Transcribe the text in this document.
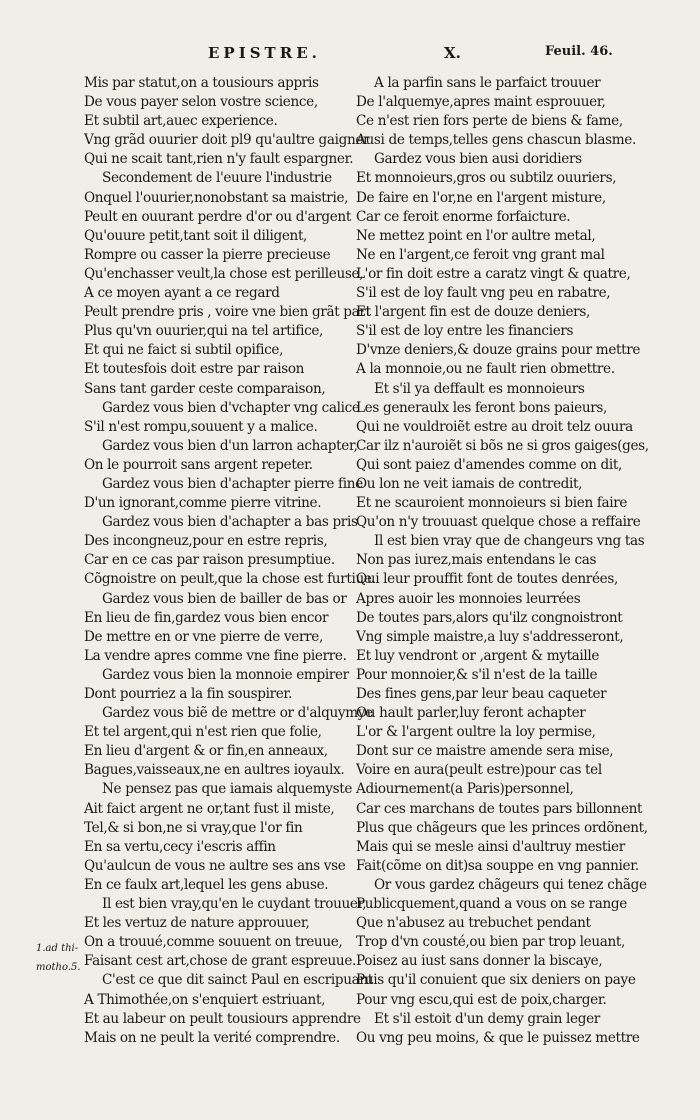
EPISTRE.	X.	Feuil. 46.
1.ad thi-
motho.5.
Mis par statut,on a tousiours appris
De vous payer selon vostre science,
Et subtil art,auec experience.
Vng grãd ouurier doit pl9 qu'aultre gaigner
Qui ne scait tant,rien n'y fault espargner.
Secondement de l'euure l'industrie
Onquel l'ouurier,nonobstant sa maistrie,
Peult en ouurant perdre d'or ou d'argent
Qu'ouure petit,tant soit il diligent,
Rompre ou casser la pierre precieuse
Qu'enchasser veult,la chose est perilleuse,
A ce moyen ayant a ce regard
Peult prendre pris , voire vne bien grãt part
Plus qu'vn ouurier,qui na tel artifice,
Et qui ne faict si subtil opifice,
Et toutesfois doit estre par raison
Sans tant garder ceste comparaison,
Gardez vous bien d'vchapter vng calice
S'il n'est rompu,souuent y a malice.
Gardez vous bien d'un larron achapter,
On le pourroit sans argent repeter.
Gardez vous bien d'achapter pierre fine
D'un ignorant,comme pierre vitrine.
Gardez vous bien d'achapter a bas pris
Des incongneuz,pour en estre repris,
Car en ce cas par raison presumptiue.
Cõgnoistre on peult,que la chose est furtiue.
Gardez vous bien de bailler de bas or
En lieu de fin,gardez vous bien encor
De mettre en or vne pierre de verre,
La vendre apres comme vne fine pierre.
Gardez vous bien la monnoie empirer
Dont pourriez a la fin souspirer.
Gardez vous biẽ de mettre or d'alquymye
Et tel argent,qui n'est rien que folie,
En lieu d'argent & or fin,en anneaux,
Bagues,vaisseaux,ne en aultres ioyaulx.
Ne pensez pas que iamais alquemyste
Ait faict argent ne or,tant fust il miste,
Tel,& si bon,ne si vray,que l'or fin
En sa vertu,cecy i'escris affin
Qu'aulcun de vous ne aultre ses ans vse
En ce faulx art,lequel les gens abuse.
Il est bien vray,qu'en le cuydant trouuer,
Et les vertuz de nature approuuer,
On a trouué,comme souuent on treuue,
Faisant cest art,chose de grant espreuue.
C'est ce que dit sainct Paul en escripuant
A Thimothée,on s'enquiert estriuant,
Et au labeur on peult tousiours apprendre
Mais on ne peult la verité comprendre.
A la parfin sans le parfaict trouuer
De l'alquemye,apres maint esprouuer,
Ce n'est rien fors perte de biens & fame,
Ausi de temps,telles gens chascun blasme.
Gardez vous bien ausi doridiers
Et monnoieurs,gros ou subtilz ouuriers,
De faire en l'or,ne en l'argent misture,
Car ce feroit enorme forfaicture.
Ne mettez point en l'or aultre metal,
Ne en l'argent,ce feroit vng grant mal
L'or fin doit estre a caratz vingt & quatre,
S'il est de loy fault vng peu en rabatre,
Et l'argent fin est de douze deniers,
S'il est de loy entre les financiers
D'vnze deniers,& douze grains pour mettre
A la monnoie,ou ne fault rien obmettre.
Et s'il ya deffault es monnoieurs
Les generaulx les feront bons paieurs,
Qui ne vouldroiẽt estre au droit telz ouura
Car ilz n'auroiẽt si bõs ne si gros gaiges(ges,
Qui sont paiez d'amendes comme on dit,
Ou lon ne veit iamais de contredit,
Et ne scauroient monnoieurs si bien faire
Qu'on n'y trouuast quelque chose a reffaire
Il est bien vray que de changeurs vng tas
Non pas iurez,mais entendans le cas
Qui leur prouffit font de toutes denrées,
Apres auoir les monnoies leurrées
De toutes pars,alors qu'ilz congnoistront
Vng simple maistre,a luy s'addresseront,
Et luy vendront or ,argent & mytaille
Pour monnoier,& s'il n'est de la taille
Des fines gens,par leur beau caqueter
Ou hault parler,luy feront achapter
L'or & l'argent oultre la loy permise,
Dont sur ce maistre amende sera mise,
Voire en aura(peult estre)pour cas tel
Adiournement(a Paris)personnel,
Car ces marchans de toutes pars billonnent
Plus que chãgeurs que les princes ordõnent,
Mais qui se mesle ainsi d'aultruy mestier
Fait(cõme on dit)sa souppe en vng pannier.
Or vous gardez chãgeurs qui tenez chãge
Publicquement,quand a vous on se range
Que n'abusez au trebuchet pendant
Trop d'vn cousté,ou bien par trop leuant,
Poisez au iust sans donner la biscaye,
Puis qu'il conuient que six deniers on paye
Pour vng escu,qui est de poix,charger.
Et s'il estoit d'un demy grain leger
Ou vng peu moins, & que le puissez mettre
